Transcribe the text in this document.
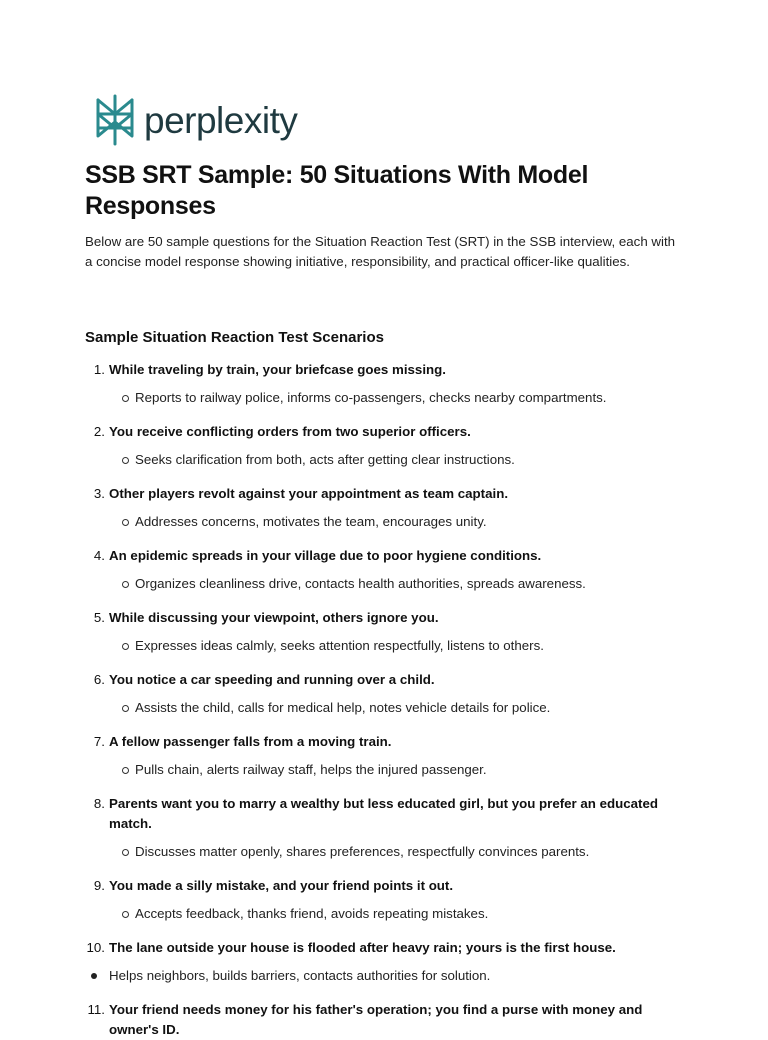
perplexity
SSB SRT Sample: 50 Situations With Model Responses

Below are 50 sample questions for the Situation Reaction Test (SRT) in the SSB interview, each with a concise model response showing initiative, responsibility, and practical officer-like qualities.

Sample Situation Reaction Test Scenarios
1. While traveling by train, your briefcase goes missing.
Reports to railway police, informs co-passengers, checks nearby compartments.
2. You receive conflicting orders from two superior officers.
Seeks clarification from both, acts after getting clear instructions.
3. Other players revolt against your appointment as team captain.
Addresses concerns, motivates the team, encourages unity.
4. An epidemic spreads in your village due to poor hygiene conditions.
Organizes cleanliness drive, contacts health authorities, spreads awareness.
5. While discussing your viewpoint, others ignore you.
Expresses ideas calmly, seeks attention respectfully, listens to others.
6. You notice a car speeding and running over a child.
Assists the child, calls for medical help, notes vehicle details for police.
7. A fellow passenger falls from a moving train.
Pulls chain, alerts railway staff, helps the injured passenger.
8. Parents want you to marry a wealthy but less educated girl, but you prefer an educated match.
Discusses matter openly, shares preferences, respectfully convinces parents.
9. You made a silly mistake, and your friend points it out.
Accepts feedback, thanks friend, avoids repeating mistakes.
10. The lane outside your house is flooded after heavy rain; yours is the first house.
Helps neighbors, builds barriers, contacts authorities for solution.
11. Your friend needs money for his father's operation; you find a purse with money and owner's ID.
